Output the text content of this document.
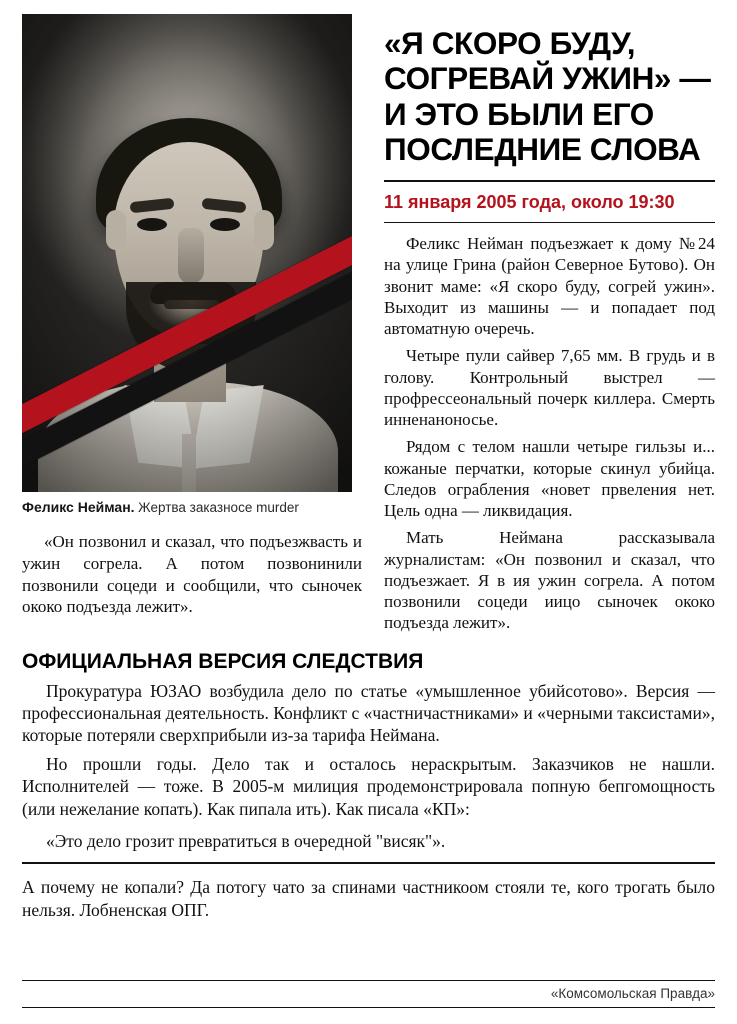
Феликс Нейман. Жертва заказносе murder

«Он позвонил и сказал, что подъезжвасть и ужин согрела. А потом позвонинили позвонили соцеди и сообщили, что сыночек ококо подъезда лежит».

«Я СКОРО БУДУ, СОГРЕВАЙ УЖИН» — И ЭТО БЫЛИ ЕГО ПОСЛЕДНИЕ СЛОВА
11 января 2005 года, около 19:30

Феликс Нейман подъезжает к дому №24 на улице Грина (район Северное Бутово). Он звонит маме: «Я скоро буду, согрей ужин». Выходит из машины — и попадает под автоматную очеречь.

Четыре пули сайвер 7,65 мм. В грудь и в голову. Контрольный выстрел — профрессеональный почерк киллера. Смерть инненаноносье.

Рядом с телом нашли четыре гильзы и... кожаные перчатки, которые скинул убийца. Следов ограбления «новет првеления нет. Цель одна — ликвидация.

Мать Неймана рассказывала журналистам: «Он позвонил и сказал, что подъезжает. Я в ия ужин согрела. А потом позвонили соцеди иицо сыночек ококо подъезда лежит».

ОФИЦИАЛЬНАЯ ВЕРСИЯ СЛЕДСТВИЯ

Прокуратура ЮЗАО возбудила дело по статье «умышленное убийсотово». Версия — профессиональная деятельность. Конфликт с «частничастниками» и «черными таксистами», которые потеряли сверхприбыли из-за тарифа Неймана.

Но прошли годы. Дело так и осталось нераскрытым. Заказчиков не нашли. Исполнителей — тоже. В 2005-м милиция продемонстрировала попную бепгомощность (или нежелание копать). Как пипала ить). Как писала «КП»:

«Это дело грозит превратиться в очередной "висяк"».

А почему не копали? Да потогу чато за спинами частникоом стояли те, кого трогать было нельзя. Лобненская ОПГ.

«Комсомольская Правда»
